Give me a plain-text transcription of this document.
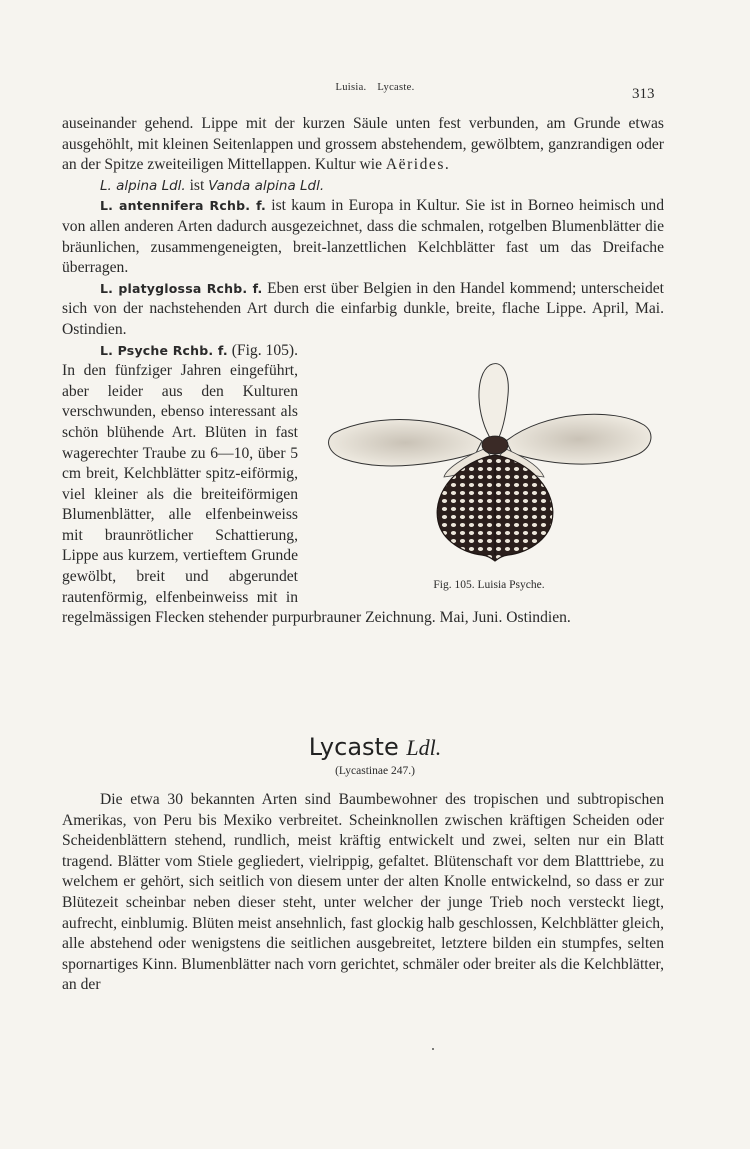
Luisia. Lycaste.	313

auseinander gehend. Lippe mit der kurzen Säule unten fest verbunden, am Grunde etwas ausgehöhlt, mit kleinen Seitenlappen und grossem abstehendem, gewölbtem, ganzrandigen oder an der Spitze zweiteiligen Mittellappen. Kultur wie Aërides.

L. alpina Ldl. ist Vanda alpina Ldl.

L. antennifera Rchb. f. ist kaum in Europa in Kultur. Sie ist in Borneo heimisch und von allen anderen Arten dadurch ausgezeichnet, dass die schmalen, rotgelben Blumenblätter die bräunlichen, zusammengeneigten, breit-lanzettlichen Kelchblätter fast um das Dreifache überragen.

L. platyglossa Rchb. f. Eben erst über Belgien in den Handel kommend; unterscheidet sich von der nachstehenden Art durch die einfarbig dunkle, breite, flache Lippe. April, Mai. Ostindien.

Fig. 105. Luisia Psyche.

L. Psyche Rchb. f. (Fig. 105). In den fünfziger Jahren eingeführt, aber leider aus den Kulturen verschwunden, ebenso interessant als schön blühende Art. Blüten in fast wagerechter Traube zu 6—10, über 5 cm breit, Kelchblätter spitz-eiförmig, viel kleiner als die breiteiförmigen Blumenblätter, alle elfenbeinweiss mit braunrötlicher Schattierung, Lippe aus kurzem, vertieftem Grunde gewölbt, breit und abgerundet rautenförmig, elfenbeinweiss mit in regelmässigen Flecken stehender purpurbrauner Zeichnung. Mai, Juni. Ostindien.

Lycaste Ldl.
(Lycastinae 247.)

Die etwa 30 bekannten Arten sind Baumbewohner des tropischen und subtropischen Amerikas, von Peru bis Mexiko verbreitet. Scheinknollen zwischen kräftigen Scheiden oder Scheidenblättern stehend, rundlich, meist kräftig entwickelt und zwei, selten nur ein Blatt tragend. Blätter vom Stiele gegliedert, vielrippig, gefaltet. Blütenschaft vor dem Blatttriebe, zu welchem er gehört, sich seitlich von diesem unter der alten Knolle entwickelnd, so dass er zur Blütezeit scheinbar neben dieser steht, unter welcher der junge Trieb noch versteckt liegt, aufrecht, einblumig. Blüten meist ansehnlich, fast glockig halb geschlossen, Kelchblätter gleich, alle abstehend oder wenigstens die seitlichen ausgebreitet, letztere bilden ein stumpfes, selten spornartiges Kinn. Blumenblätter nach vorn gerichtet, schmäler oder breiter als die Kelchblätter, an der
